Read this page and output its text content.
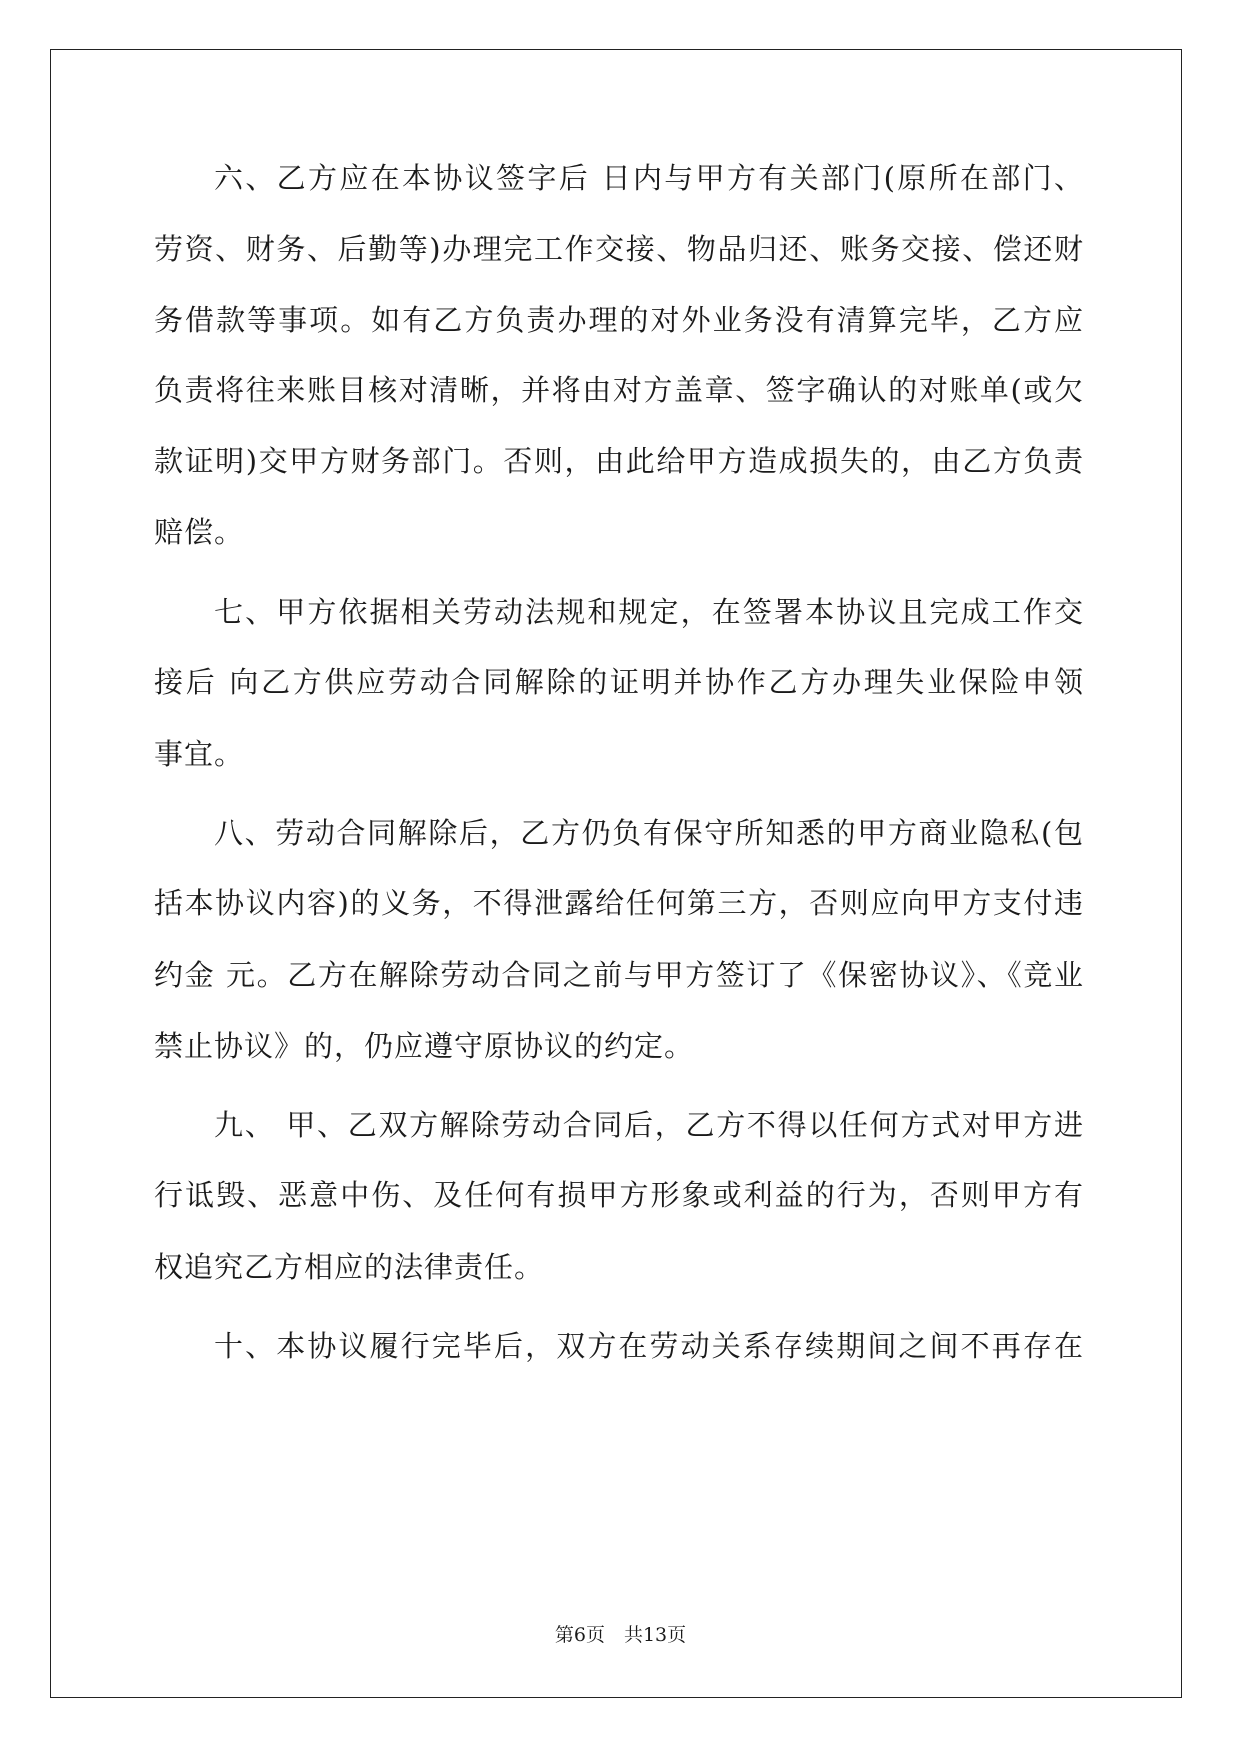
六、乙方应在本协议签字后 日内与甲方有关部门(原所在部门、
劳资、财务、后勤等)办理完工作交接、物品归还、账务交接、偿还财
务借款等事项。如有乙方负责办理的对外业务没有清算完毕，乙方应
负责将往来账目核对清晰，并将由对方盖章、签字确认的对账单(或欠
款证明)交甲方财务部门。否则，由此给甲方造成损失的，由乙方负责
赔偿。
七、甲方依据相关劳动法规和规定，在签署本协议且完成工作交
接后 向乙方供应劳动合同解除的证明并协作乙方办理失业保险申领
事宜。
八、劳动合同解除后，乙方仍负有保守所知悉的甲方商业隐私(包
括本协议内容)的义务，不得泄露给任何第三方，否则应向甲方支付违
约金 元。乙方在解除劳动合同之前与甲方签订了《保密协议》、《竞业
禁止协议》的，仍应遵守原协议的约定。
九、 甲、乙双方解除劳动合同后，乙方不得以任何方式对甲方进
行诋毁、恶意中伤、及任何有损甲方形象或利益的行为，否则甲方有
权追究乙方相应的法律责任。
十、本协议履行完毕后，双方在劳动关系存续期间之间不再存在
第6页　共13页
